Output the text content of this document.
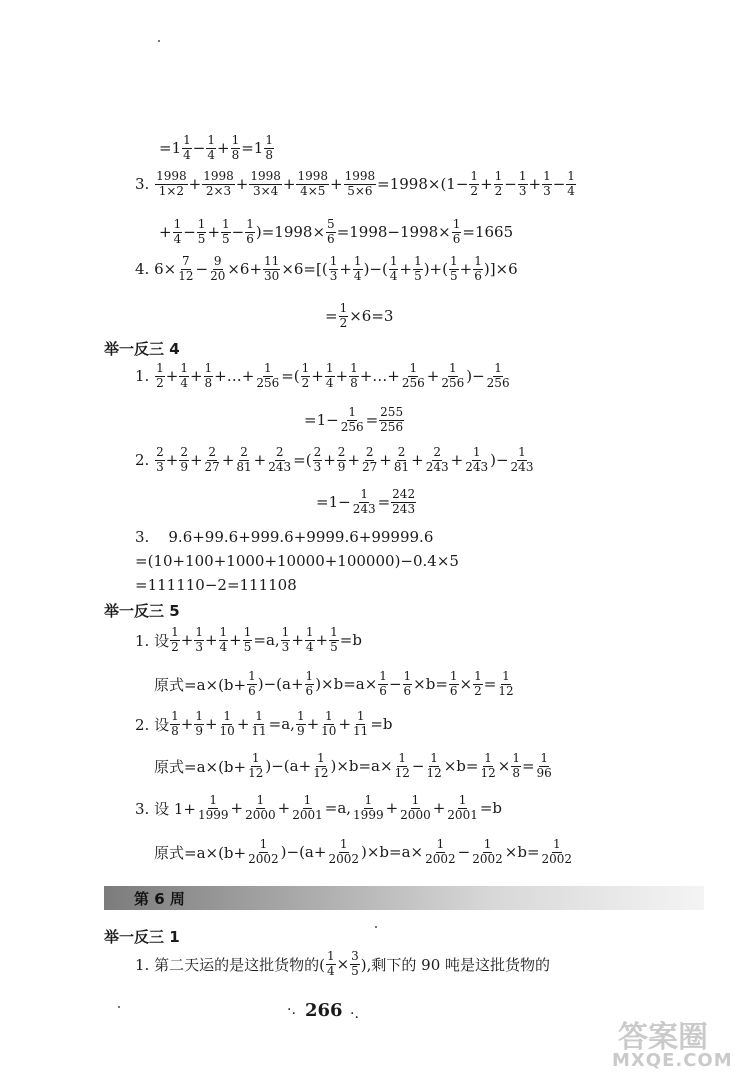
$=1 \frac{1}{4} - \frac{1}{4} + \frac{1}{8} =1 \frac{1}{8}$
3. $\frac{1998}{1\times 2} + \frac{1998}{2\times 3} + \frac{1998}{3\times 4} + \frac{1998}{4\times 5} + \frac{1998}{5\times 6} =1998\times(1- \frac{1}{2} + \frac{1}{2} - \frac{1}{3} + \frac{1}{3} - \frac{1}{4}$
+ $\frac{1}{4} - \frac{1}{5} + \frac{1}{5} - \frac{1}{6} )=1998\times \frac{5}{6} =1998-1998\times \frac{1}{6} =1665$
4. $6\times \frac{7}{12} - \frac{9}{20} \times 6+ \frac{11}{30} \times 6=[( \frac{1}{3} + \frac{1}{4}$ )−( $\frac{1}{4} + \frac{1}{5}$ )+( $\frac{1}{5} + \frac{1}{6} )]\times 6$
= $\frac{1}{2} \times 6=3$
举一反三 4
1. $\frac{1}{2} + \frac{1}{4} + \frac{1}{8}$ +…+ $\frac{1}{256}$ =( $\frac{1}{2} + \frac{1}{4} + \frac{1}{8}$ +…+ $\frac{1}{256} + \frac{1}{256}$ )− $\frac{1}{256}$
$=1- \frac{1}{256} = \frac{255}{256}$
2. $\frac{2}{3} + \frac{2}{9} + \frac{2}{27} + \frac{2}{81} + \frac{2}{243}$ =( $\frac{2}{3} + \frac{2}{9} + \frac{2}{27} + \frac{2}{81} + \frac{2}{243} + \frac{1}{243}$ )− $\frac{1}{243}$
$=1- \frac{1}{243} = \frac{242}{243}$
3.    9.6+99.6+999.6+9999.6+99999.6
=(10+100+1000+10000+100000)−0.4×5
=111110−2=111108
举一反三 5
1. 设 $\frac{1}{2} + \frac{1}{3} + \frac{1}{4} + \frac{1}{5} =a$, $\frac{1}{3} + \frac{1}{4} + \frac{1}{5} =b$
原式$=a\times(b+ \frac{1}{6} )-(a+ \frac{1}{6} )\times b=a\times \frac{1}{6} - \frac{1}{6} \times b= \frac{1}{6} \times \frac{1}{2} = \frac{1}{12}$
2. 设 $\frac{1}{8} + \frac{1}{9} + \frac{1}{10} + \frac{1}{11} =a$, $\frac{1}{9} + \frac{1}{10} + \frac{1}{11} =b$
原式$=a\times(b+ \frac{1}{12} )-(a+ \frac{1}{12} )\times b=a\times \frac{1}{12} - \frac{1}{12} \times b= \frac{1}{12} \times \frac{1}{8} = \frac{1}{96}$
3. 设 $1+ \frac{1}{1999} + \frac{1}{2000} + \frac{1}{2001} =a$, $\frac{1}{1999} + \frac{1}{2000} + \frac{1}{2001} =b$
原式$=a\times(b+ \frac{1}{2002} )-(a+ \frac{1}{2002} )\times b=a\times \frac{1}{2002} - \frac{1}{2002} \times b= \frac{1}{2002}$
第 6 周
举一反三 1
1. 第二天运的是这批货物的( $\frac{1}{4} \times \frac{3}{5}$ ),剩下的 90 吨是这批货物的
·. 266 ·.
答案圈
MXQE.COM
